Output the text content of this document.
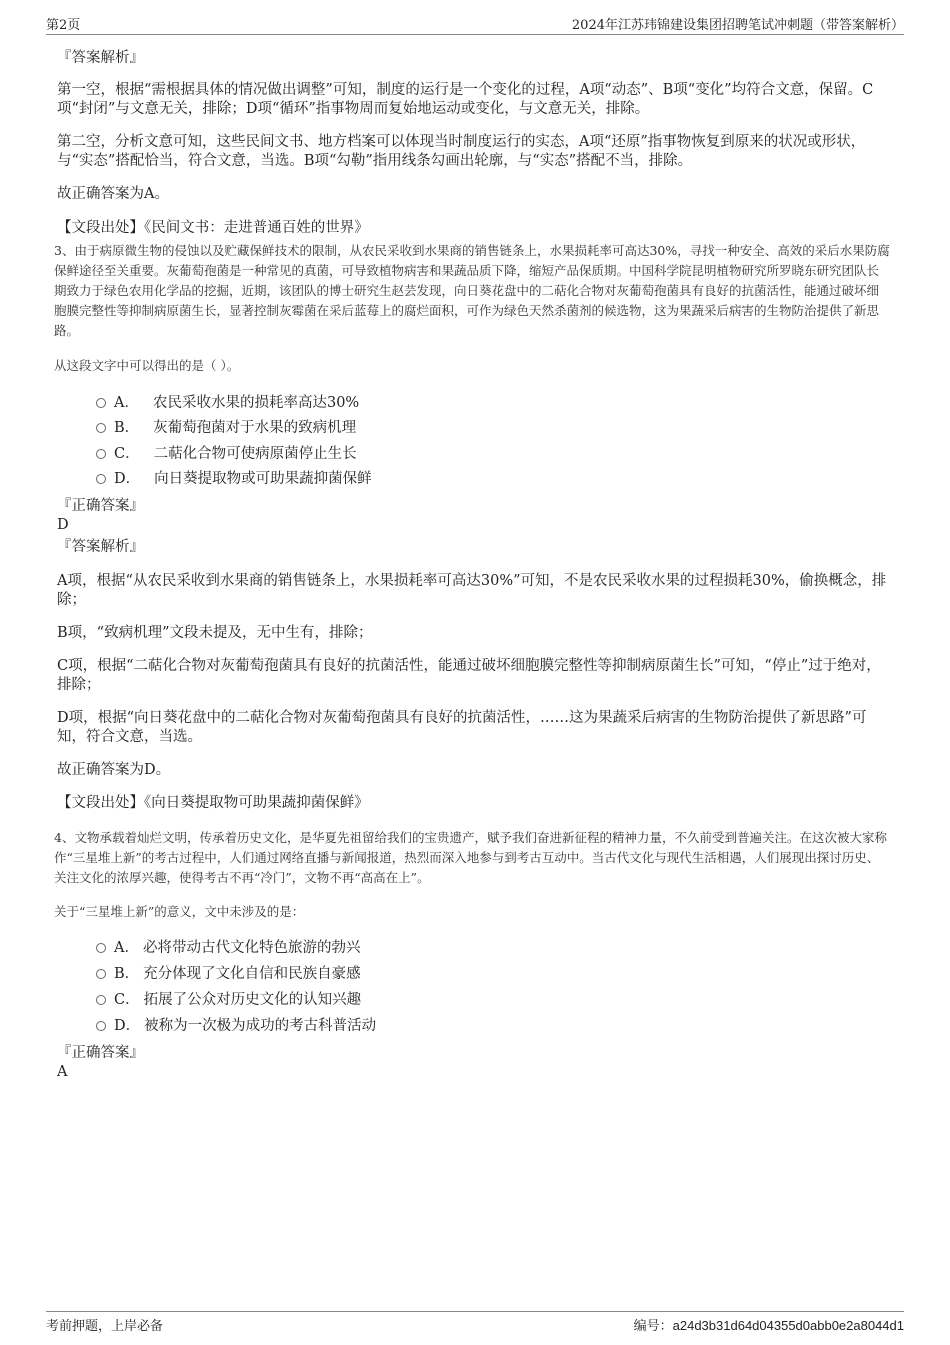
第2页	2024年江苏玮锦建设集团招聘笔试冲刺题（带答案解析）
『答案解析』
第一空，根据“需根据具体的情况做出调整”可知，制度的运行是一个变化的过程，A项“动态”、B项“变化”均符合文意，保留。C项“封闭”与文意无关，排除；D项“循环”指事物周而复始地运动或变化，与文意无关，排除。
第二空，分析文意可知，这些民间文书、地方档案可以体现当时制度运行的实态，A项“还原”指事物恢复到原来的状况或形状，与“实态”搭配恰当，符合文意，当选。B项“勾勒”指用线条勾画出轮廓，与“实态”搭配不当，排除。
故正确答案为A。
【文段出处】《民间文书：走进普通百姓的世界》
3、由于病原微生物的侵蚀以及贮藏保鲜技术的限制，从农民采收到水果商的销售链条上，水果损耗率可高达30%，寻找一种安全、高效的采后水果防腐保鲜途径至关重要。灰葡萄孢菌是一种常见的真菌，可导致植物病害和果蔬品质下降，缩短产品保质期。中国科学院昆明植物研究所罗晓东研究团队长期致力于绿色农用化学品的挖掘，近期，该团队的博士研究生赵芸发现，向日葵花盘中的二萜化合物对灰葡萄孢菌具有良好的抗菌活性，能通过破坏细胞膜完整性等抑制病原菌生长，显著控制灰霉菌在采后蓝莓上的腐烂面积，可作为绿色天然杀菌剂的候选物，这为果蔬采后病害的生物防治提供了新思路。
从这段文字中可以得出的是（ ）。
A． 农民采收水果的损耗率高达30%
B． 灰葡萄孢菌对于水果的致病机理
C． 二萜化合物可使病原菌停止生长
D． 向日葵提取物或可助果蔬抑菌保鲜
『正确答案』
D
『答案解析』
A项，根据“从农民采收到水果商的销售链条上，水果损耗率可高达30%”可知，不是农民采收水果的过程损耗30%，偷换概念，排除；
B项，“致病机理”文段未提及，无中生有，排除；
C项，根据“二萜化合物对灰葡萄孢菌具有良好的抗菌活性，能通过破坏细胞膜完整性等抑制病原菌生长”可知，“停止”过于绝对，排除；
D项，根据“向日葵花盘中的二萜化合物对灰葡萄孢菌具有良好的抗菌活性，……这为果蔬采后病害的生物防治提供了新思路”可知，符合文意，当选。
故正确答案为D。
【文段出处】《向日葵提取物可助果蔬抑菌保鲜》
4、文物承载着灿烂文明，传承着历史文化，是华夏先祖留给我们的宝贵遗产，赋予我们奋进新征程的精神力量，不久前受到普遍关注。在这次被大家称作“三星堆上新”的考古过程中，人们通过网络直播与新闻报道，热烈而深入地参与到考古互动中。当古代文化与现代生活相遇，人们展现出探讨历史、关注文化的浓厚兴趣，使得考古不再“冷门”，文物不再“高高在上”。
关于“三星堆上新”的意义，文中未涉及的是：
A． 必将带动古代文化特色旅游的勃兴
B． 充分体现了文化自信和民族自豪感
C． 拓展了公众对历史文化的认知兴趣
D． 被称为一次极为成功的考古科普活动
『正确答案』
A
考前押题，上岸必备	编号：a24d3b31d64d04355d0abb0e2a8044d1
